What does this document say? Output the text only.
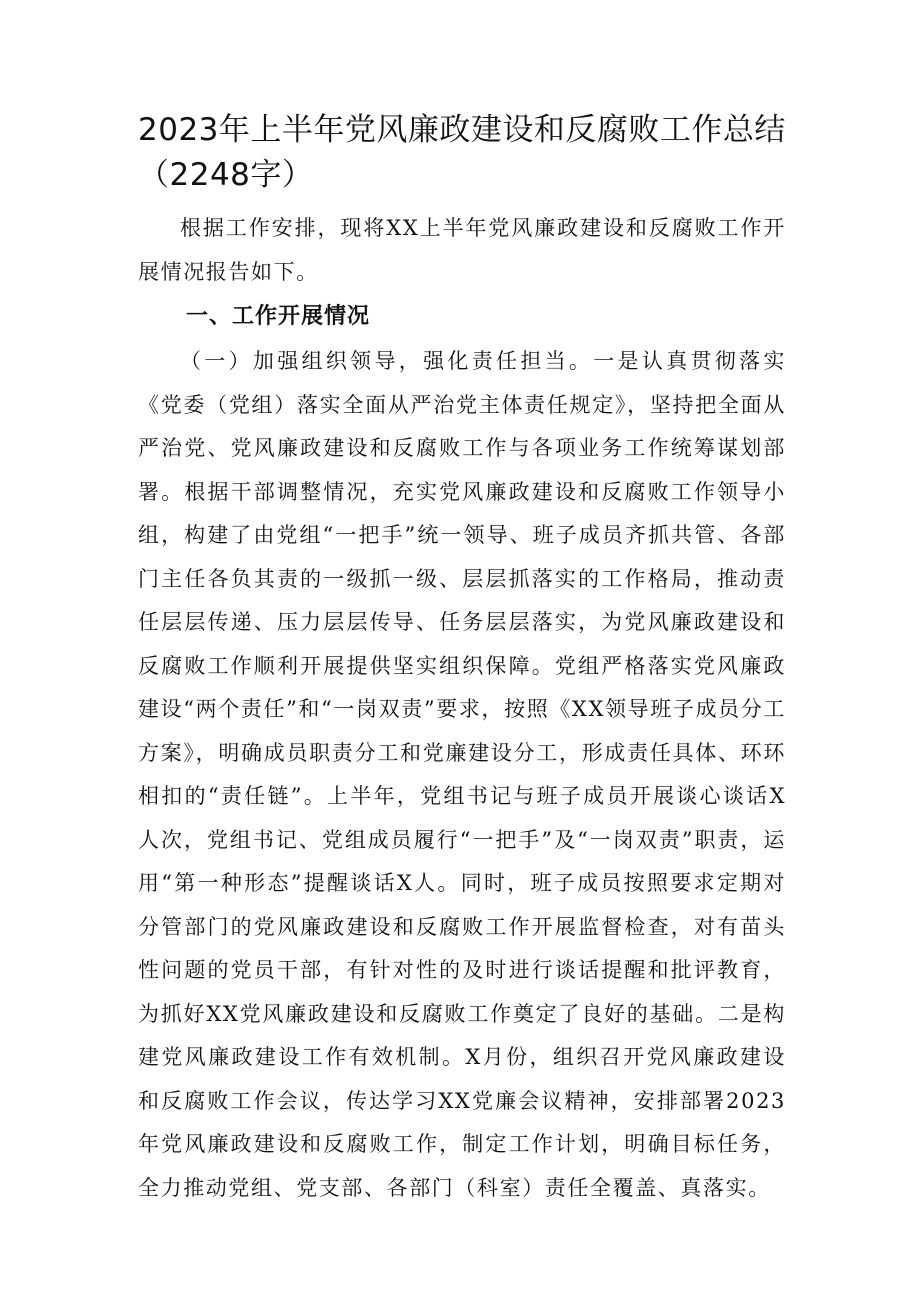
2023年上半年党风廉政建设和反腐败工作总结（2248字）

根据工作安排，现将XX上半年党风廉政建设和反腐败工作开展情况报告如下。

一、工作开展情况

（一）加强组织领导，强化责任担当。一是认真贯彻落实《党委（党组）落实全面从严治党主体责任规定》，坚持把全面从严治党、党风廉政建设和反腐败工作与各项业务工作统筹谋划部署。根据干部调整情况，充实党风廉政建设和反腐败工作领导小组，构建了由党组“一把手”统一领导、班子成员齐抓共管、各部门主任各负其责的一级抓一级、层层抓落实的工作格局，推动责任层层传递、压力层层传导、任务层层落实，为党风廉政建设和反腐败工作顺利开展提供坚实组织保障。党组严格落实党风廉政建设“两个责任”和“一岗双责”要求，按照《XX领导班子成员分工方案》，明确成员职责分工和党廉建设分工，形成责任具体、环环相扣的“责任链”。上半年，党组书记与班子成员开展谈心谈话X人次，党组书记、党组成员履行“一把手”及“一岗双责”职责，运用“第一种形态”提醒谈话X人。同时，班子成员按照要求定期对分管部门的党风廉政建设和反腐败工作开展监督检查，对有苗头性问题的党员干部，有针对性的及时进行谈话提醒和批评教育，为抓好XX党风廉政建设和反腐败工作奠定了良好的基础。二是构建党风廉政建设工作有效机制。X月份，组织召开党风廉政建设和反腐败工作会议，传达学习XX党廉会议精神，安排部署2023年党风廉政建设和反腐败工作，制定工作计划，明确目标任务，全力推动党组、党支部、各部门（科室）责任全覆盖、真落实。
